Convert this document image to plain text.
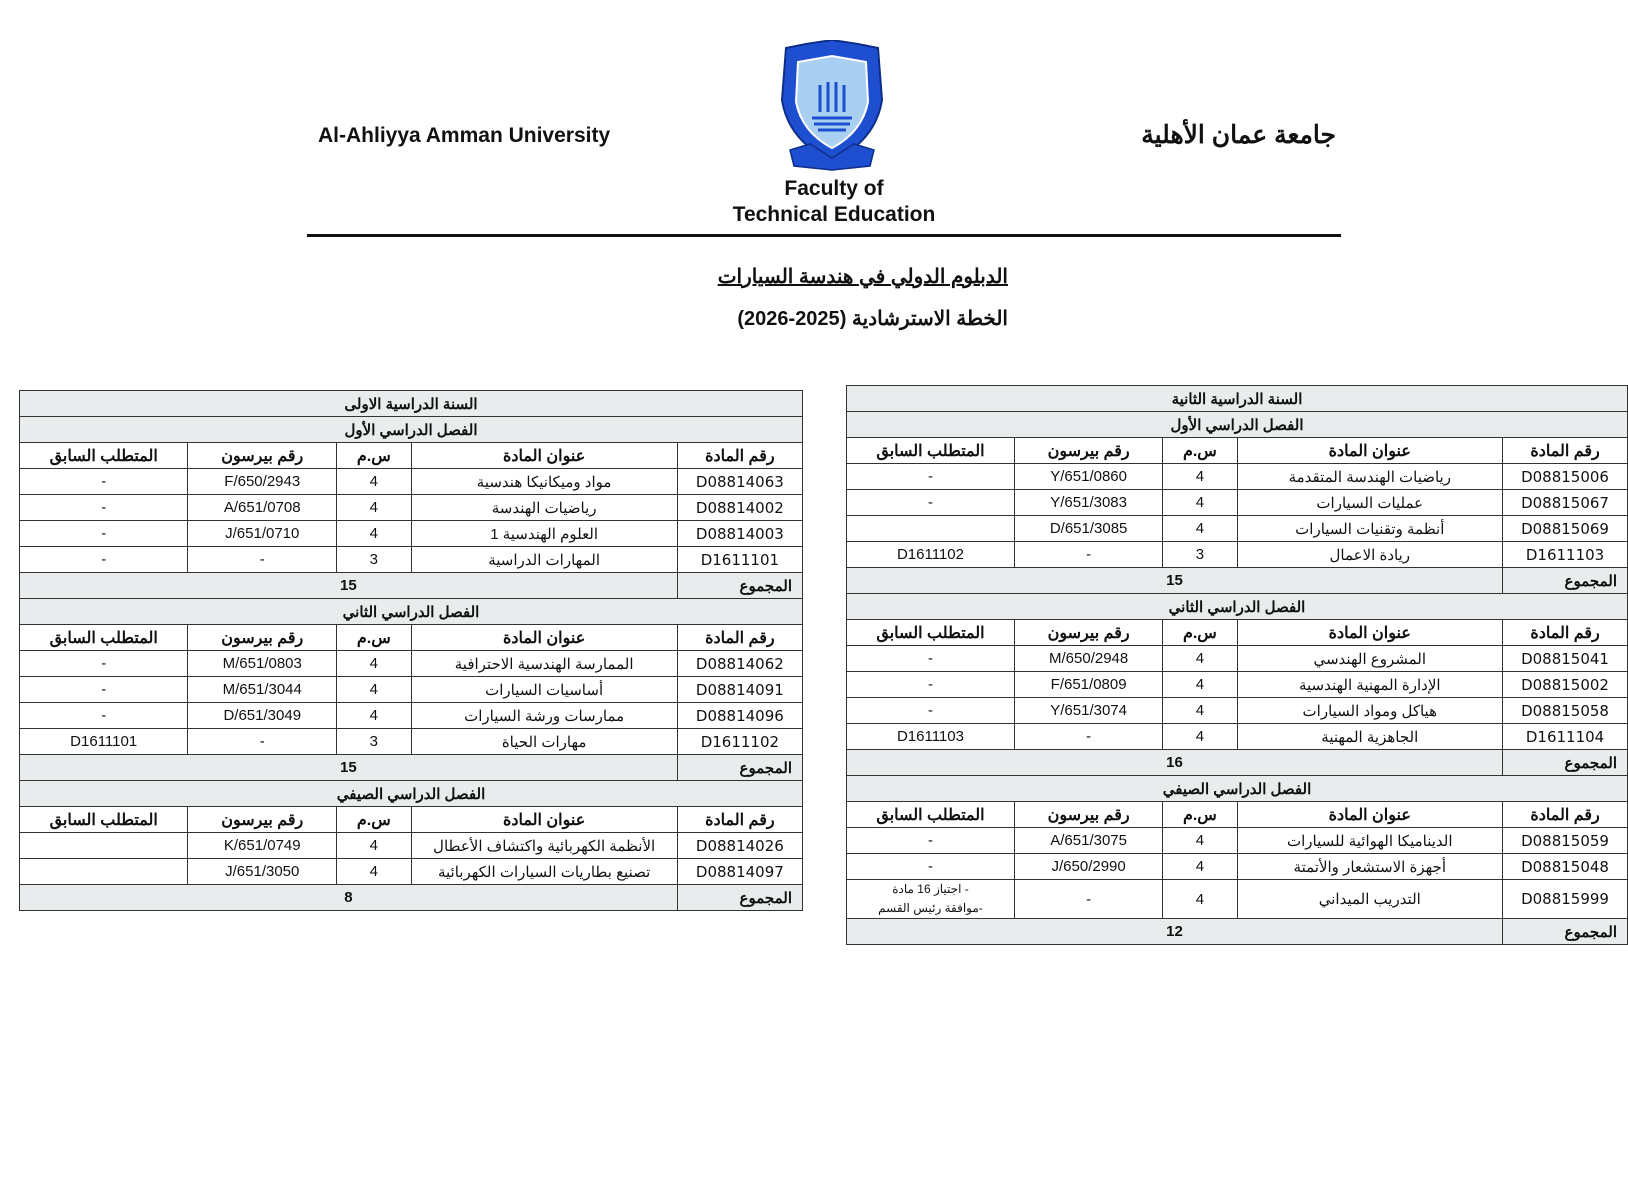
Al-Ahliyya Amman University	جامعة عمان الأهلية
Faculty of
Technical Education
الدبلوم الدولي في هندسة السيارات
الخطة الاسترشادية (2025-2026)
السنة الدراسية الاولى				
الفصل الدراسي الأول				
رقم المادة	عنوان المادة	س.م	رقم بيرسون	المتطلب السابق
D08814063	مواد وميكانيكا هندسية	4	F/650/2943	-
D08814002	رياضيات الهندسة	4	A/651/0708	-
D08814003	العلوم الهندسية 1	4	J/651/0710	-
D1611101	المهارات الدراسية	3	-	-
المجموع	15			
الفصل الدراسي الثاني				
رقم المادة	عنوان المادة	س.م	رقم بيرسون	المتطلب السابق
D08814062	الممارسة الهندسية الاحترافية	4	M/651/0803	-
D08814091	أساسيات السيارات	4	M/651/3044	-
D08814096	ممارسات ورشة السيارات	4	D/651/3049	-
D1611102	مهارات الحياة	3	-	D1611101
المجموع	15			
الفصل الدراسي الصيفي				
رقم المادة	عنوان المادة	س.م	رقم بيرسون	المتطلب السابق
D08814026	الأنظمة الكهربائية واكتشاف الأعطال	4	K/651/0749	
D08814097	تصنيع بطاريات السيارات الكهربائية	4	J/651/3050	
المجموع	8			
السنة الدراسية الثانية				
الفصل الدراسي الأول				
رقم المادة	عنوان المادة	س.م	رقم بيرسون	المتطلب السابق
D08815006	رياضيات الهندسة المتقدمة	4	Y/651/0860	-
D08815067	عمليات السيارات	4	Y/651/3083	-
D08815069	أنظمة وتقنيات السيارات	4	D/651/3085	
D1611103	ريادة الاعمال	3	-	D1611102
المجموع	15			
الفصل الدراسي الثاني				
رقم المادة	عنوان المادة	س.م	رقم بيرسون	المتطلب السابق
D08815041	المشروع الهندسي	4	M/650/2948	-
D08815002	الإدارة المهنية الهندسية	4	F/651/0809	-
D08815058	هياكل ومواد السيارات	4	Y/651/3074	-
D1611104	الجاهزية المهنية	4	-	D1611103
المجموع	16			
الفصل الدراسي الصيفي				
رقم المادة	عنوان المادة	س.م	رقم بيرسون	المتطلب السابق
D08815059	الديناميكا الهوائية للسيارات	4	A/651/3075	-
D08815048	أجهزة الاستشعار والأتمتة	4	J/650/2990	-
D08815999	التدريب الميداني	4	-	- اجتياز 16 مادة
-موافقة رئيس القسم

المجموع	12			
